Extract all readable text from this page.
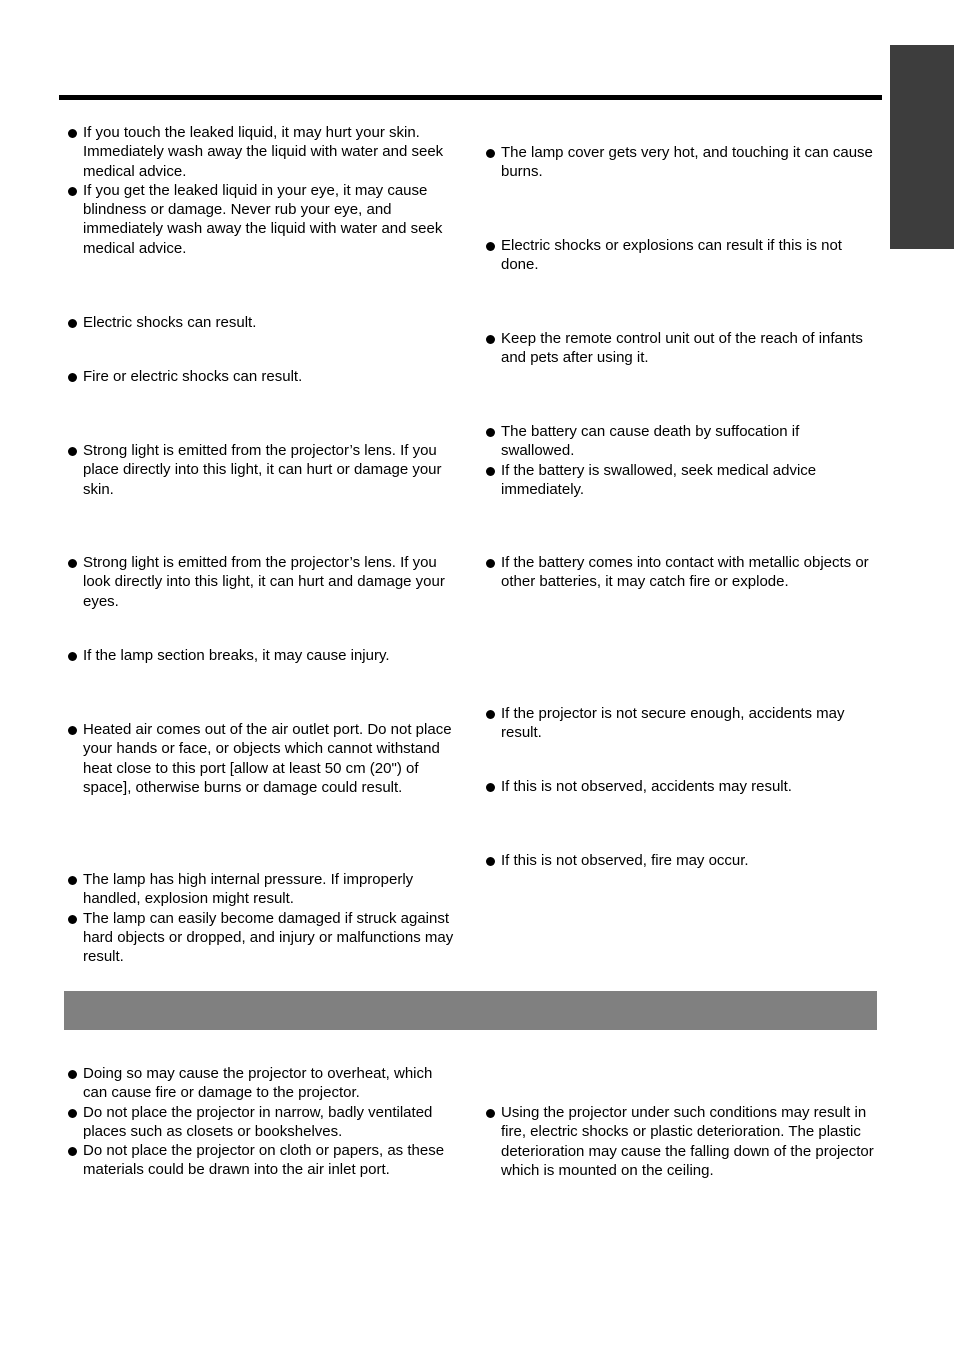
If you touch the leaked liquid, it may hurt your skin. Immediately wash away the liquid with water and seek medical advice.
If you get the leaked liquid in your eye, it may cause blindness or damage. Never rub your eye, and immediately wash away the liquid with water and seek medical advice.
Electric shocks can result.
Fire or electric shocks can result.
Strong light is emitted from the projector’s lens. If you place directly into this light, it can hurt or damage your skin.
Strong light is emitted from the projector’s lens. If you look directly into this light, it can hurt and damage your eyes.
If the lamp section breaks, it may cause injury.
Heated air comes out of the air outlet port. Do not place your hands or face, or objects which cannot withstand heat close to this port [allow at least 50 cm (20") of space], otherwise burns or damage could result.
The lamp has high internal pressure. If improperly handled, explosion might result.
The lamp can easily become damaged if struck against hard objects or dropped, and injury or malfunctions may result.
The lamp cover gets very hot, and touching it can cause burns.
Electric shocks or explosions can result if this is not done.
Keep the remote control unit out of the reach of infants and pets after using it.
The battery can cause death by suffocation if swallowed.
If the battery is swallowed, seek medical advice immediately.
If the battery comes into contact with metallic objects or other batteries, it may catch fire or explode.
If the projector is not secure enough, accidents may result.
If this is not observed, accidents may result.
If this is not observed, fire may occur.
Doing so may cause the projector to overheat, which can cause fire or damage to the projector.
Do not place the projector in narrow, badly ventilated places such as closets or bookshelves.
Do not place the projector on cloth or papers, as these materials could be drawn into the air inlet port.
Using the projector under such conditions may result in fire, electric shocks or plastic deterioration. The plastic deterioration may cause the falling down of the projector which is mounted on the ceiling.
